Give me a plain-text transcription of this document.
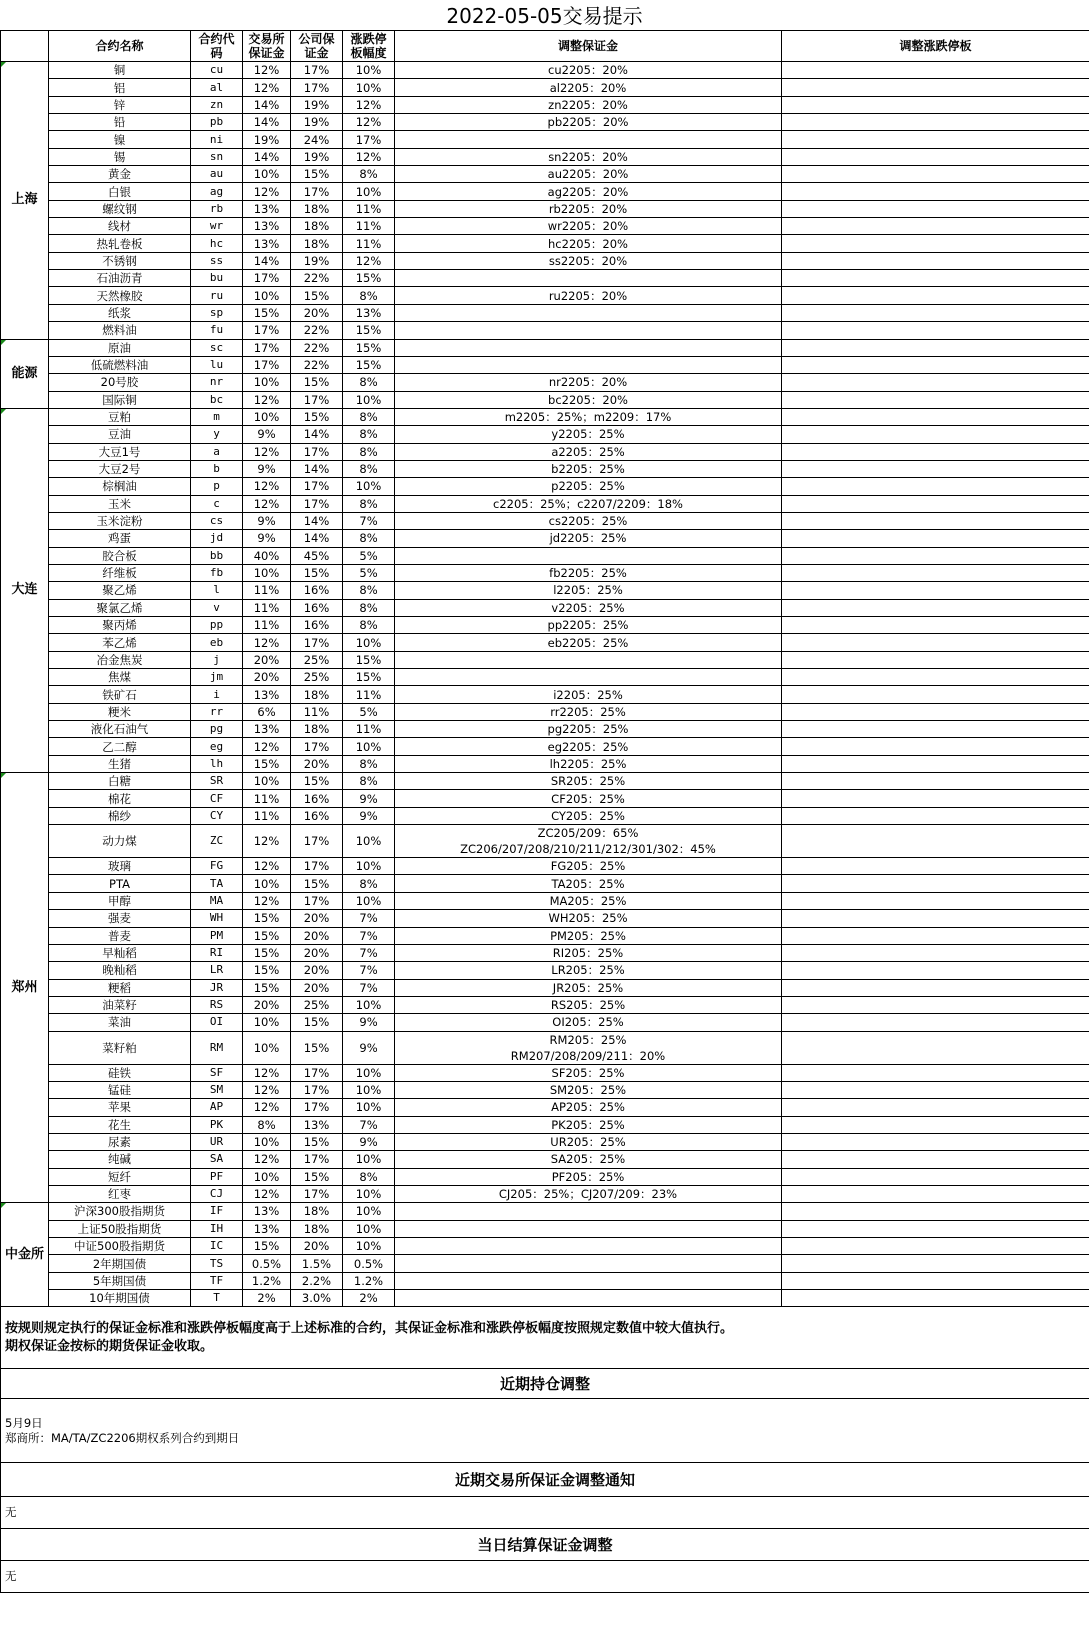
2022-05-05交易提示
	合约名称	合约代码	交易所保证金	公司保证金	涨跌停板幅度	调整保证金	调整涨跌停板
上海	铜	cu	12%	17%	10%	cu2205：20%	

	铝	al	12%	17%	10%	al2205：20%	

	锌	zn	14%	19%	12%	zn2205：20%	

	铅	pb	14%	19%	12%	pb2205：20%	

	镍	ni	19%	24%	17%	

	锡	sn	14%	19%	12%	sn2205：20%	

	黄金	au	10%	15%	8%	au2205：20%	

	白银	ag	12%	17%	10%	ag2205：20%	

	螺纹钢	rb	13%	18%	11%	rb2205：20%	

	线材	wr	13%	18%	11%	wr2205：20%	

	热轧卷板	hc	13%	18%	11%	hc2205：20%	

	不锈钢	ss	14%	19%	12%	ss2205：20%	

	石油沥青	bu	17%	22%	15%	

	天然橡胶	ru	10%	15%	8%	ru2205：20%	

	纸浆	sp	15%	20%	13%	

	燃料油	fu	17%	22%	15%	

能源	原油	sc	17%	22%	15%	

	低硫燃料油	lu	17%	22%	15%	

	20号胶	nr	10%	15%	8%	nr2205：20%	

	国际铜	bc	12%	17%	10%	bc2205：20%	

大连	豆粕	m	10%	15%	8%	m2205：25%；m2209：17%	

	豆油	y	9%	14%	8%	y2205：25%	

	大豆1号	a	12%	17%	8%	a2205：25%	

	大豆2号	b	9%	14%	8%	b2205：25%	

	棕榈油	p	12%	17%	10%	p2205：25%	

	玉米	c	12%	17%	8%	c2205：25%；c2207/2209：18%	

	玉米淀粉	cs	9%	14%	7%	cs2205：25%	

	鸡蛋	jd	9%	14%	8%	jd2205：25%	

	胶合板	bb	40%	45%	5%	

	纤维板	fb	10%	15%	5%	fb2205：25%	

	聚乙烯	l	11%	16%	8%	l2205：25%	

	聚氯乙烯	v	11%	16%	8%	v2205：25%	

	聚丙烯	pp	11%	16%	8%	pp2205：25%	

	苯乙烯	eb	12%	17%	10%	eb2205：25%	

	冶金焦炭	j	20%	25%	15%	

	焦煤	jm	20%	25%	15%	

	铁矿石	i	13%	18%	11%	i2205：25%	

	粳米	rr	6%	11%	5%	rr2205：25%	

	液化石油气	pg	13%	18%	11%	pg2205：25%	

	乙二醇	eg	12%	17%	10%	eg2205：25%	

	生猪	lh	15%	20%	8%	lh2205：25%	

郑州	白糖	SR	10%	15%	8%	SR205：25%	

	棉花	CF	11%	16%	9%	CF205：25%	

	棉纱	CY	11%	16%	9%	CY205：25%	

	动力煤	ZC	12%	17%	10%	ZC205/209：65%
ZC206/207/208/210/211/212/301/302：45%	

	玻璃	FG	12%	17%	10%	FG205：25%	

	PTA	TA	10%	15%	8%	TA205：25%	

	甲醇	MA	12%	17%	10%	MA205：25%	

	强麦	WH	15%	20%	7%	WH205：25%	

	普麦	PM	15%	20%	7%	PM205：25%	

	早籼稻	RI	15%	20%	7%	RI205：25%	

	晚籼稻	LR	15%	20%	7%	LR205：25%	

	粳稻	JR	15%	20%	7%	JR205：25%	

	油菜籽	RS	20%	25%	10%	RS205：25%	

	菜油	OI	10%	15%	9%	OI205：25%	

	菜籽粕	RM	10%	15%	9%	RM205：25%
RM207/208/209/211：20%	

	硅铁	SF	12%	17%	10%	SF205：25%	

	锰硅	SM	12%	17%	10%	SM205：25%	

	苹果	AP	12%	17%	10%	AP205：25%	

	花生	PK	8%	13%	7%	PK205：25%	

	尿素	UR	10%	15%	9%	UR205：25%	

	纯碱	SA	12%	17%	10%	SA205：25%	

	短纤	PF	10%	15%	8%	PF205：25%	

	红枣	CJ	12%	17%	10%	CJ205：25%；CJ207/209：23%	

中金所	沪深300股指期货	IF	13%	18%	10%	

	上证50股指期货	IH	13%	18%	10%	

	中证500股指期货	IC	15%	20%	10%	

	2年期国债	TS	0.5%	1.5%	0.5%	

	5年期国债	TF	1.2%	2.2%	1.2%	

	10年期国债	T	2%	3.0%	2%	

按规则规定执行的保证金标准和涨跌停板幅度高于上述标准的合约，其保证金标准和涨跌停板幅度按照规定数值中较大值执行。
期权保证金按标的期货保证金收取。							

近期持仓调整							

5月9日
郑商所：MA/TA/ZC2206期权系列合约到期日							

近期交易所保证金调整通知							

无							

当日结算保证金调整							

无							
